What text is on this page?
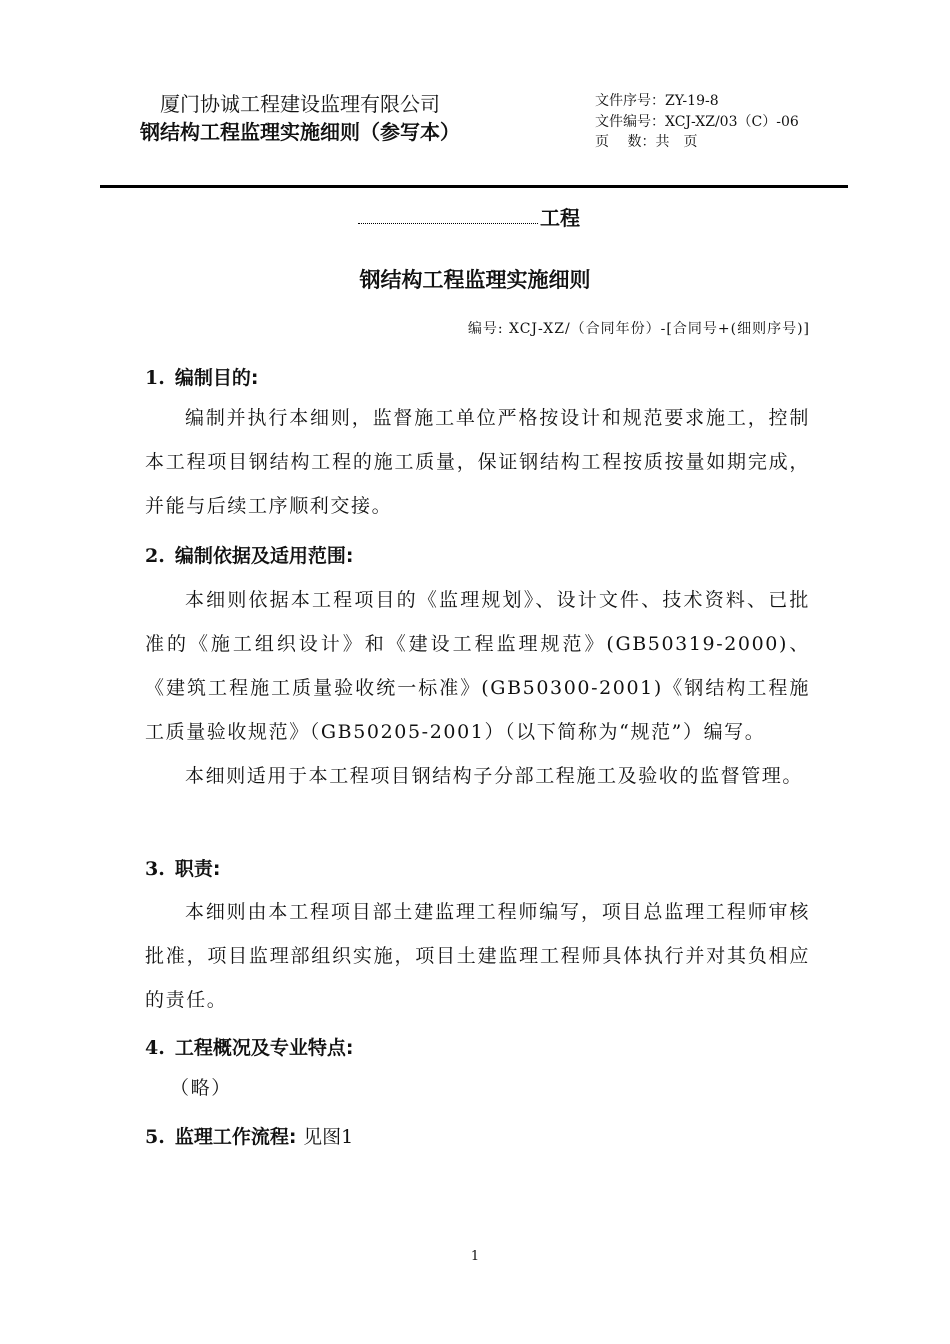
厦门协诚工程建设监理有限公司
钢结构工程监理实施细则（参写本）
文件序号：ZY-19-8
文件编号：XCJ-XZ/03（C）-06
页　 数：共　页
工程
钢结构工程监理实施细则
编号: XCJ-XZ/（合同年份）-[合同号+(细则序号)]
1. 编制目的:
编制并执行本细则，监督施工单位严格按设计和规范要求施工，控制本工程项目钢结构工程的施工质量，保证钢结构工程按质按量如期完成，并能与后续工序顺利交接。
2. 编制依据及适用范围:
本细则依据本工程项目的《监理规划》、设计文件、技术资料、已批准的《施工组织设计》和《建设工程监理规范》(GB50319-2000)、《建筑工程施工质量验收统一标准》(GB50300-2001)《钢结构工程施工质量验收规范》（GB50205-2001）（以下简称为“规范”）编写。
本细则适用于本工程项目钢结构子分部工程施工及验收的监督管理。
3. 职责:
本细则由本工程项目部土建监理工程师编写，项目总监理工程师审核批准，项目监理部组织实施，项目土建监理工程师具体执行并对其负相应的责任。
4. 工程概况及专业特点:
（略）
5. 监理工作流程: 见图1
1
